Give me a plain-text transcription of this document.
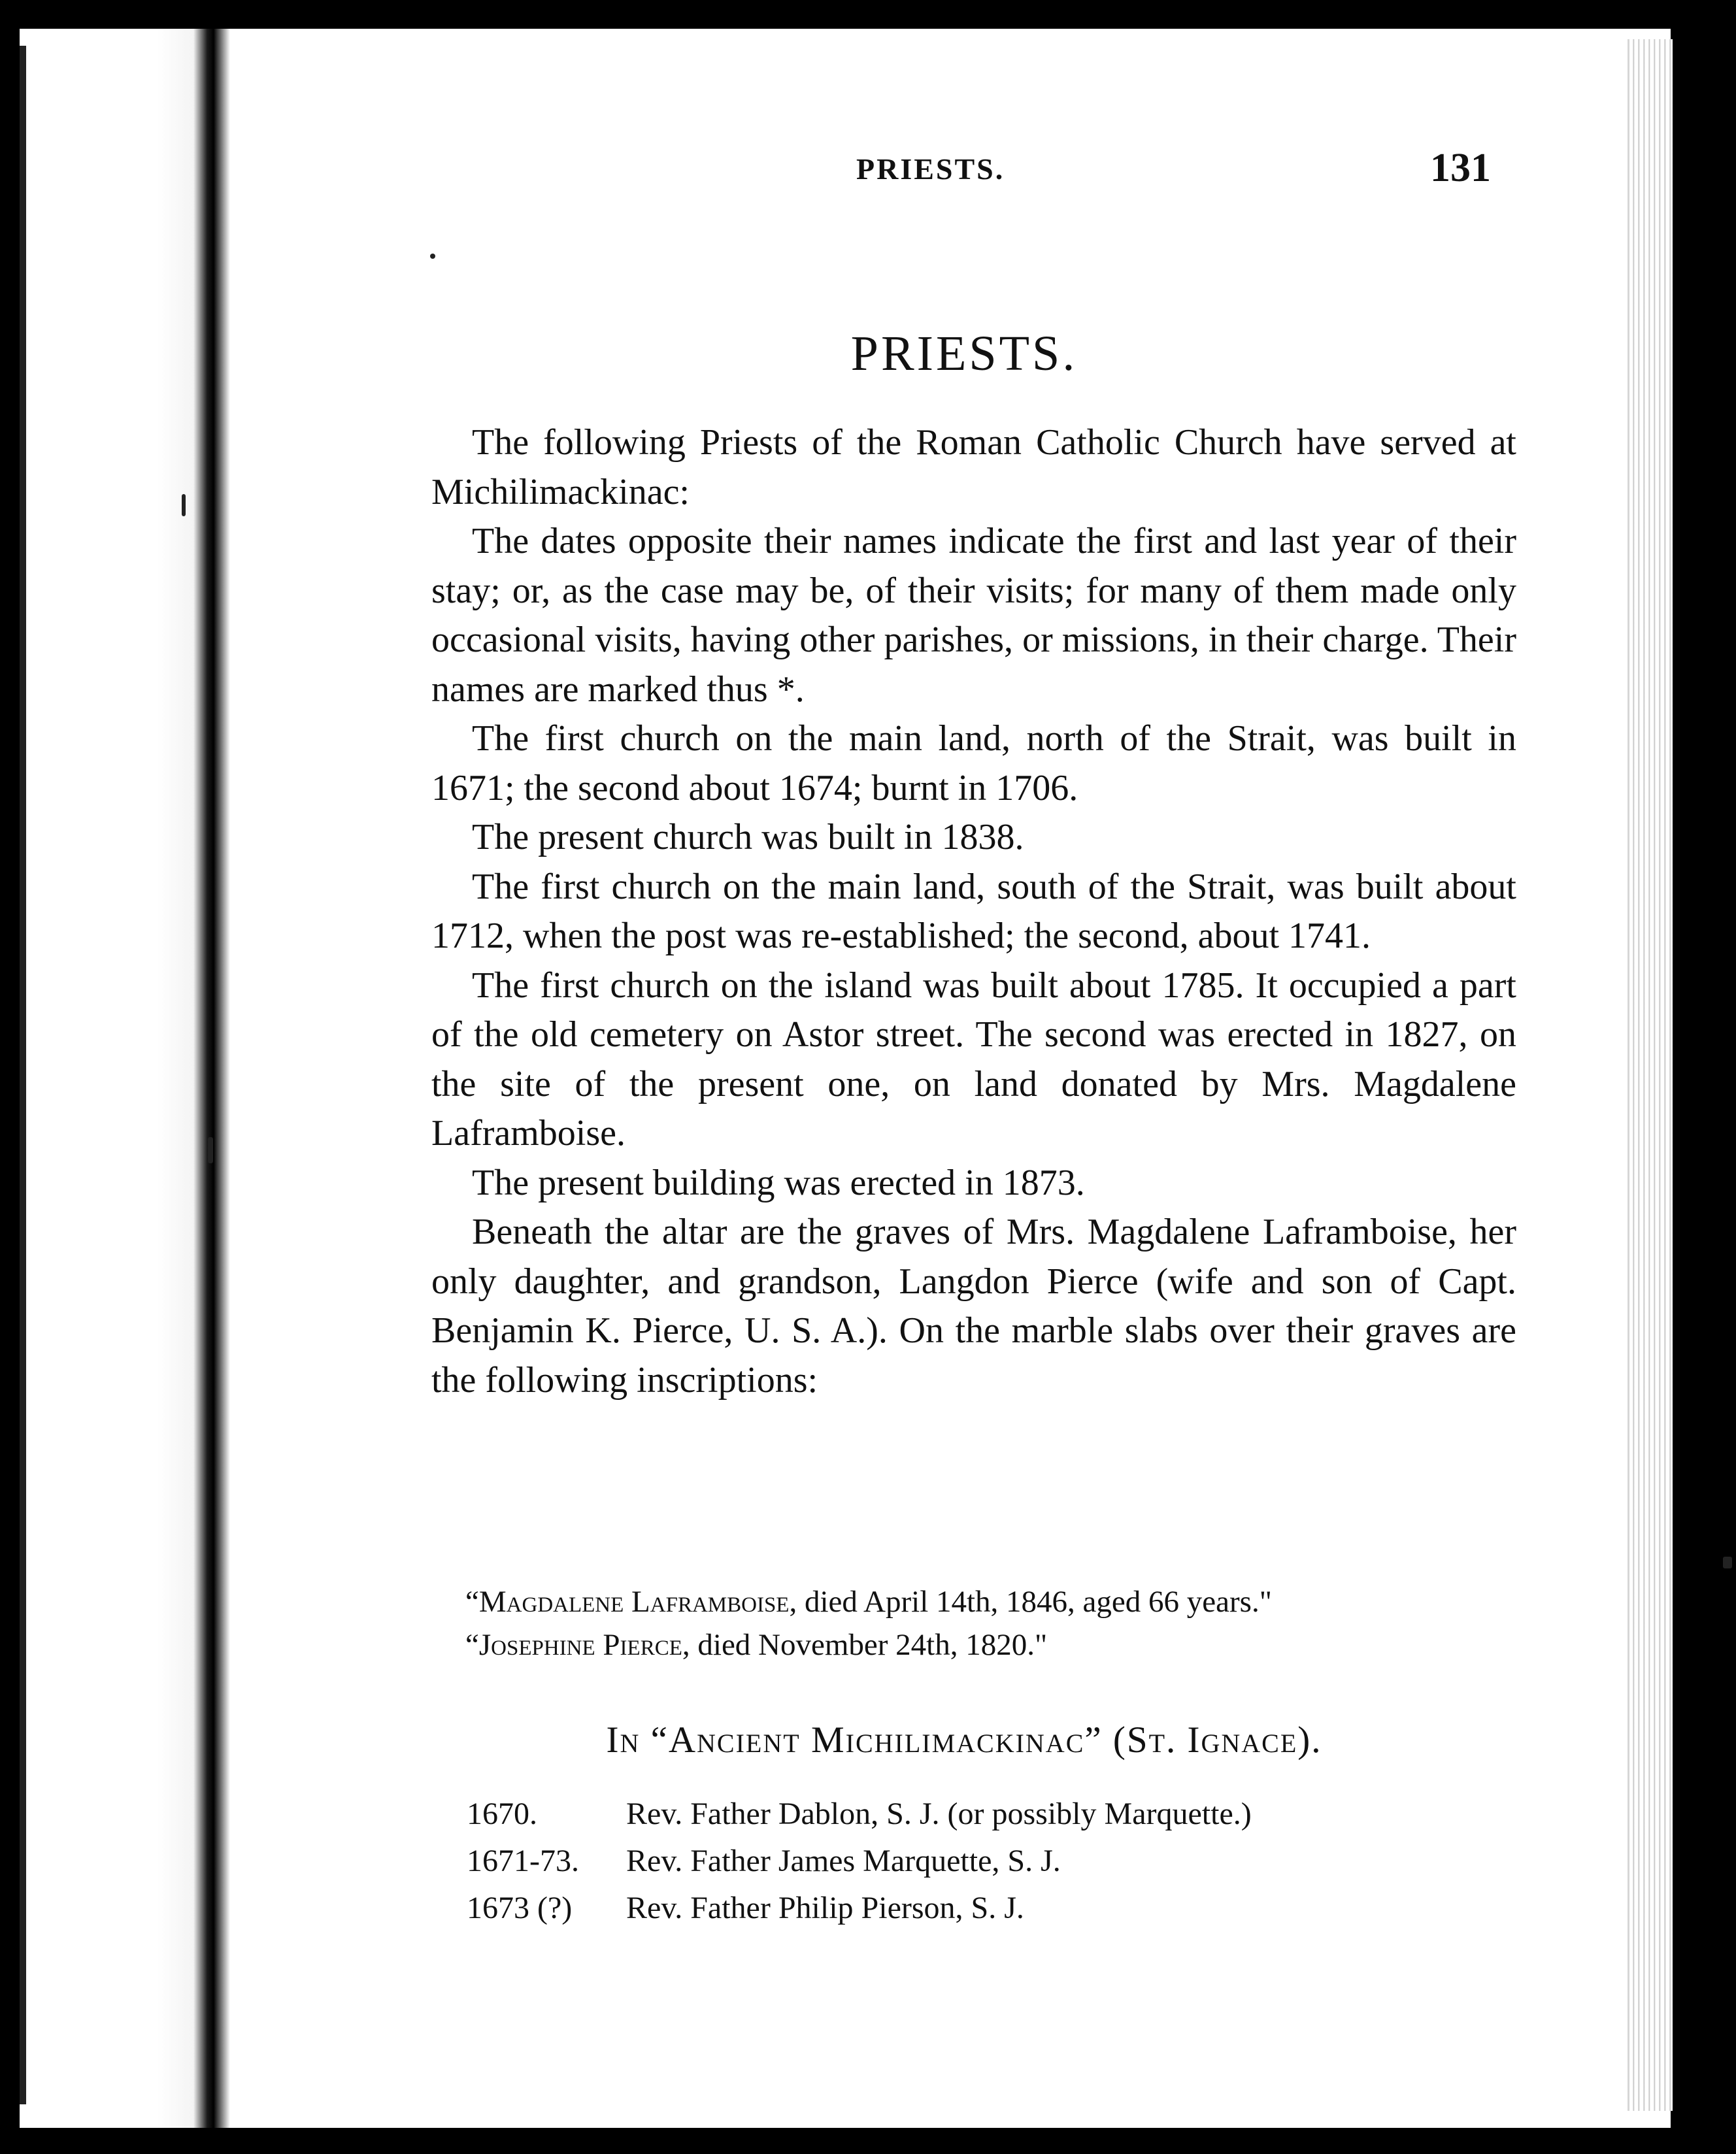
PRIESTS.	131
PRIESTS.

The following Priests of the Roman Catholic Church have served at Michilimackinac:

The dates opposite their names indicate the first and last year of their stay; or, as the case may be, of their visits; for many of them made only occasional visits, having other parishes, or missions, in their charge. Their names are marked thus *.

The first church on the main land, north of the Strait, was built in 1671; the second about 1674; burnt in 1706.

The present church was built in 1838.

The first church on the main land, south of the Strait, was built about 1712, when the post was re-established; the second, about 1741.

The first church on the island was built about 1785. It occupied a part of the old cemetery on Astor street. The second was erected in 1827, on the site of the present one, on land donated by Mrs. Magdalene Laframboise.

The present building was erected in 1873.

Beneath the altar are the graves of Mrs. Magdalene Laframboise, her only daughter, and grandson, Langdon Pierce (wife and son of Capt. Benjamin K. Pierce, U. S. A.). On the marble slabs over their graves are the following inscriptions:

“Magdalene Laframboise, died April 14th, 1846, aged 66 years."

“Josephine Pierce, died November 24th, 1820."

In “Ancient Michilimackinac” (St. Ignace).
1670.	Rev. Father Dablon, S. J. (or possibly Marquette.)
1671-73.	Rev. Father James Marquette, S. J.
1673 (?)	Rev. Father Philip Pierson, S. J.
